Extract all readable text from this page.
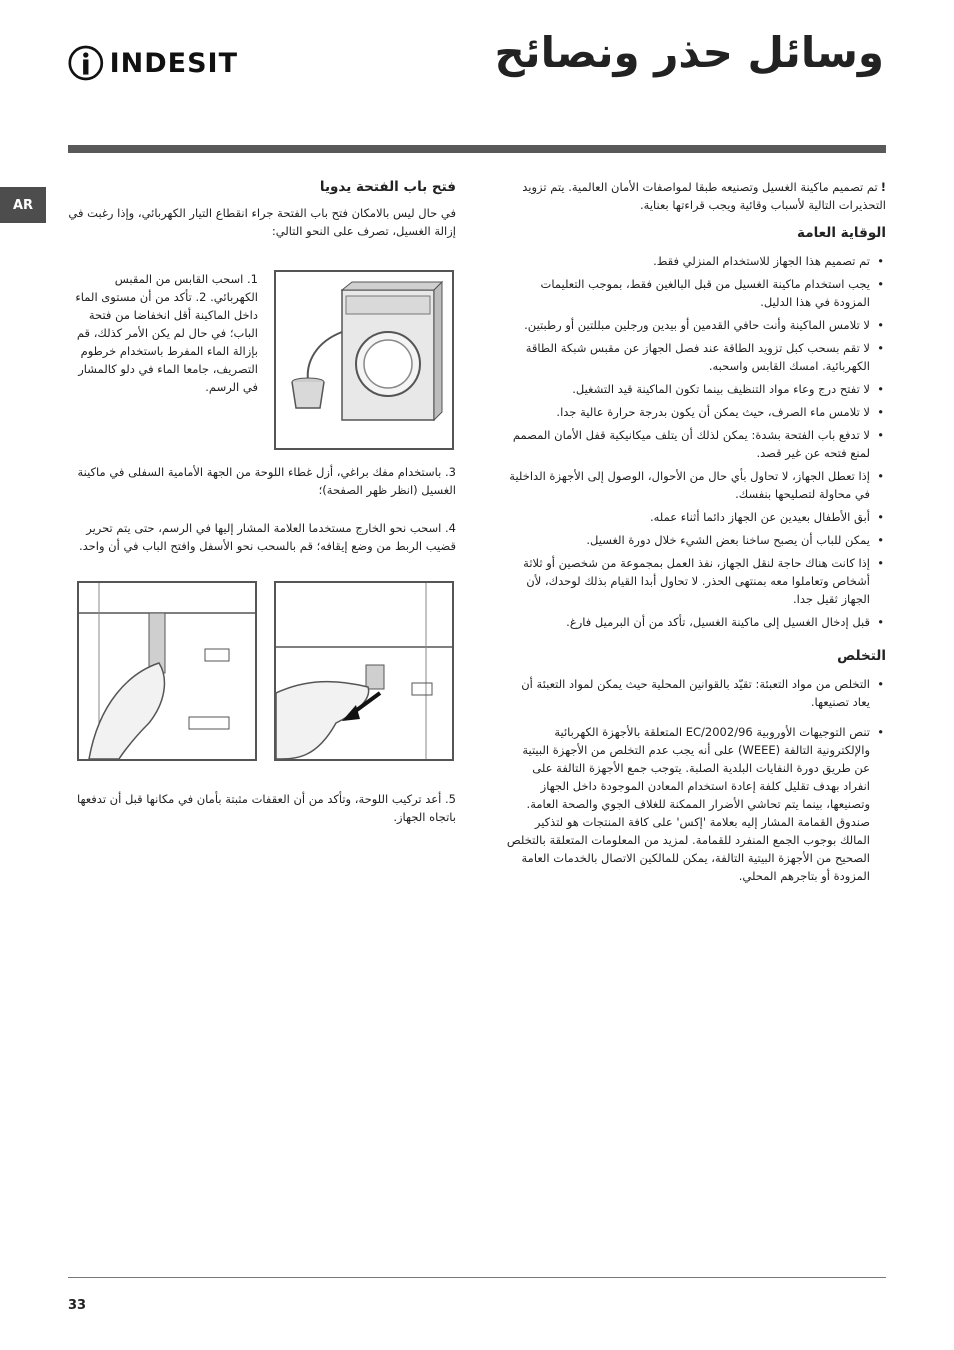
INDESIT	وسائل حذر ونصائح
AR
!تم تصميم ماكينة الغسيل وتصنيعه طبقا لمواصفات الأمان العالمية. يتم تزويد التحذيرات التالية لأسباب وقائية ويجب قراءتها بعناية.
الوقاية العامة
• تم تصميم هذا الجهاز للاستخدام المنزلي فقط.
• يجب استخدام ماكينة الغسيل من قبل البالغين فقط، بموجب التعليمات المزودة في هذا الدليل.
• لا تلامس الماكينة وأنت حافي القدمين أو بيدين ورجلين مبللتين أو رطبتين.
• لا تقم بسحب كبل تزويد الطاقة عند فصل الجهاز عن مقبس شبكة الطاقة الكهربائية. امسك القابس واسحبه.
• لا تفتح درج وعاء مواد التنظيف بينما تكون الماكينة قيد التشغيل.
• لا تلامس ماء الصرف، حيث يمكن أن يكون بدرجة حرارة عالية جدا.
• لا تدفع باب الفتحة بشدة: يمكن لذلك أن يتلف ميكانيكية قفل الأمان المصمم لمنع فتحه عن غير قصد.
• إذا تعطل الجهاز، لا تحاول بأي حال من الأحوال، الوصول إلى الأجهزة الداخلية في محاولة لتصليحها بنفسك.
• أبق الأطفال بعيدين عن الجهاز دائما أثناء عمله.
• يمكن للباب أن يصبح ساخنا بعض الشيء خلال دورة الغسيل.
• إذا كانت هناك حاجة لنقل الجهاز، نفذ العمل بمجموعة من شخصين أو ثلاثة أشخاص وتعاملوا معه بمنتهى الحذر. لا تحاول أبدا القيام بذلك لوحدك، لأن الجهاز ثقيل جدا.
• قبل إدخال الغسيل إلى ماكينة الغسيل، تأكد من أن البرميل فارغ.
التخلص
• التخلص من مواد التعبئة: تقيّد بالقوانين المحلية حيث يمكن لمواد التعبئة أن يعاد تصنيعها.
• تنص التوجيهات الأوروبية 2002/96/EC المتعلقة بالأجهزة الكهربائية والإلكترونية التالفة (WEEE) على أنه يجب عدم التخلص من الأجهزة البيتية عن طريق دورة النفايات البلدية الصلبة. يتوجب جمع الأجهزة التالفة على انفراد بهدف تقليل كلفة إعادة استخدام المعادن الموجودة داخل الجهاز وتصنيعها، بينما يتم تحاشي الأضرار الممكنة للغلاف الجوي والصحة العامة. صندوق القمامة المشار إليه بعلامة 'إكس' على كافة المنتجات هو لتذكير المالك بوجوب الجمع المنفرد للقمامة. لمزيد من المعلومات المتعلقة بالتخلص الصحيح من الأجهزة البيتية التالفة، يمكن للمالكين الاتصال بالخدمات العامة المزودة أو بتاجرهم المحلي.
فتح باب الفتحة يدويا
في حال ليس بالامكان فتح باب الفتحة جراء انقطاع التيار الكهربائي، وإذا رغبت في إزالة الغسيل، تصرف على النحو التالي:
1. اسحب القابس من المقبس الكهربائي. 2. تأكد من أن مستوى الماء داخل الماكينة أقل انخفاضا من فتحة الباب؛ في حال لم يكن الأمر كذلك، قم بإزالة الماء المفرط باستخدام خرطوم التصريف، جامعا الماء في دلو كالمشار في الرسم.
3. باستخدام مفك براغي، أزل غطاء اللوحة من الجهة الأمامية السفلى في ماكينة الغسيل (انظر ظهر الصفحة)؛
4. اسحب نحو الخارج مستخدما العلامة المشار إليها في الرسم، حتى يتم تحرير قضيب الربط من وضع إيقافه؛ قم بالسحب نحو الأسفل وافتح الباب في أن واحد.
5. أعد تركيب اللوحة، وتأكد من أن العقفات مثبتة بأمان في مكانها قبل أن تدفعها باتجاه الجهاز.
33
